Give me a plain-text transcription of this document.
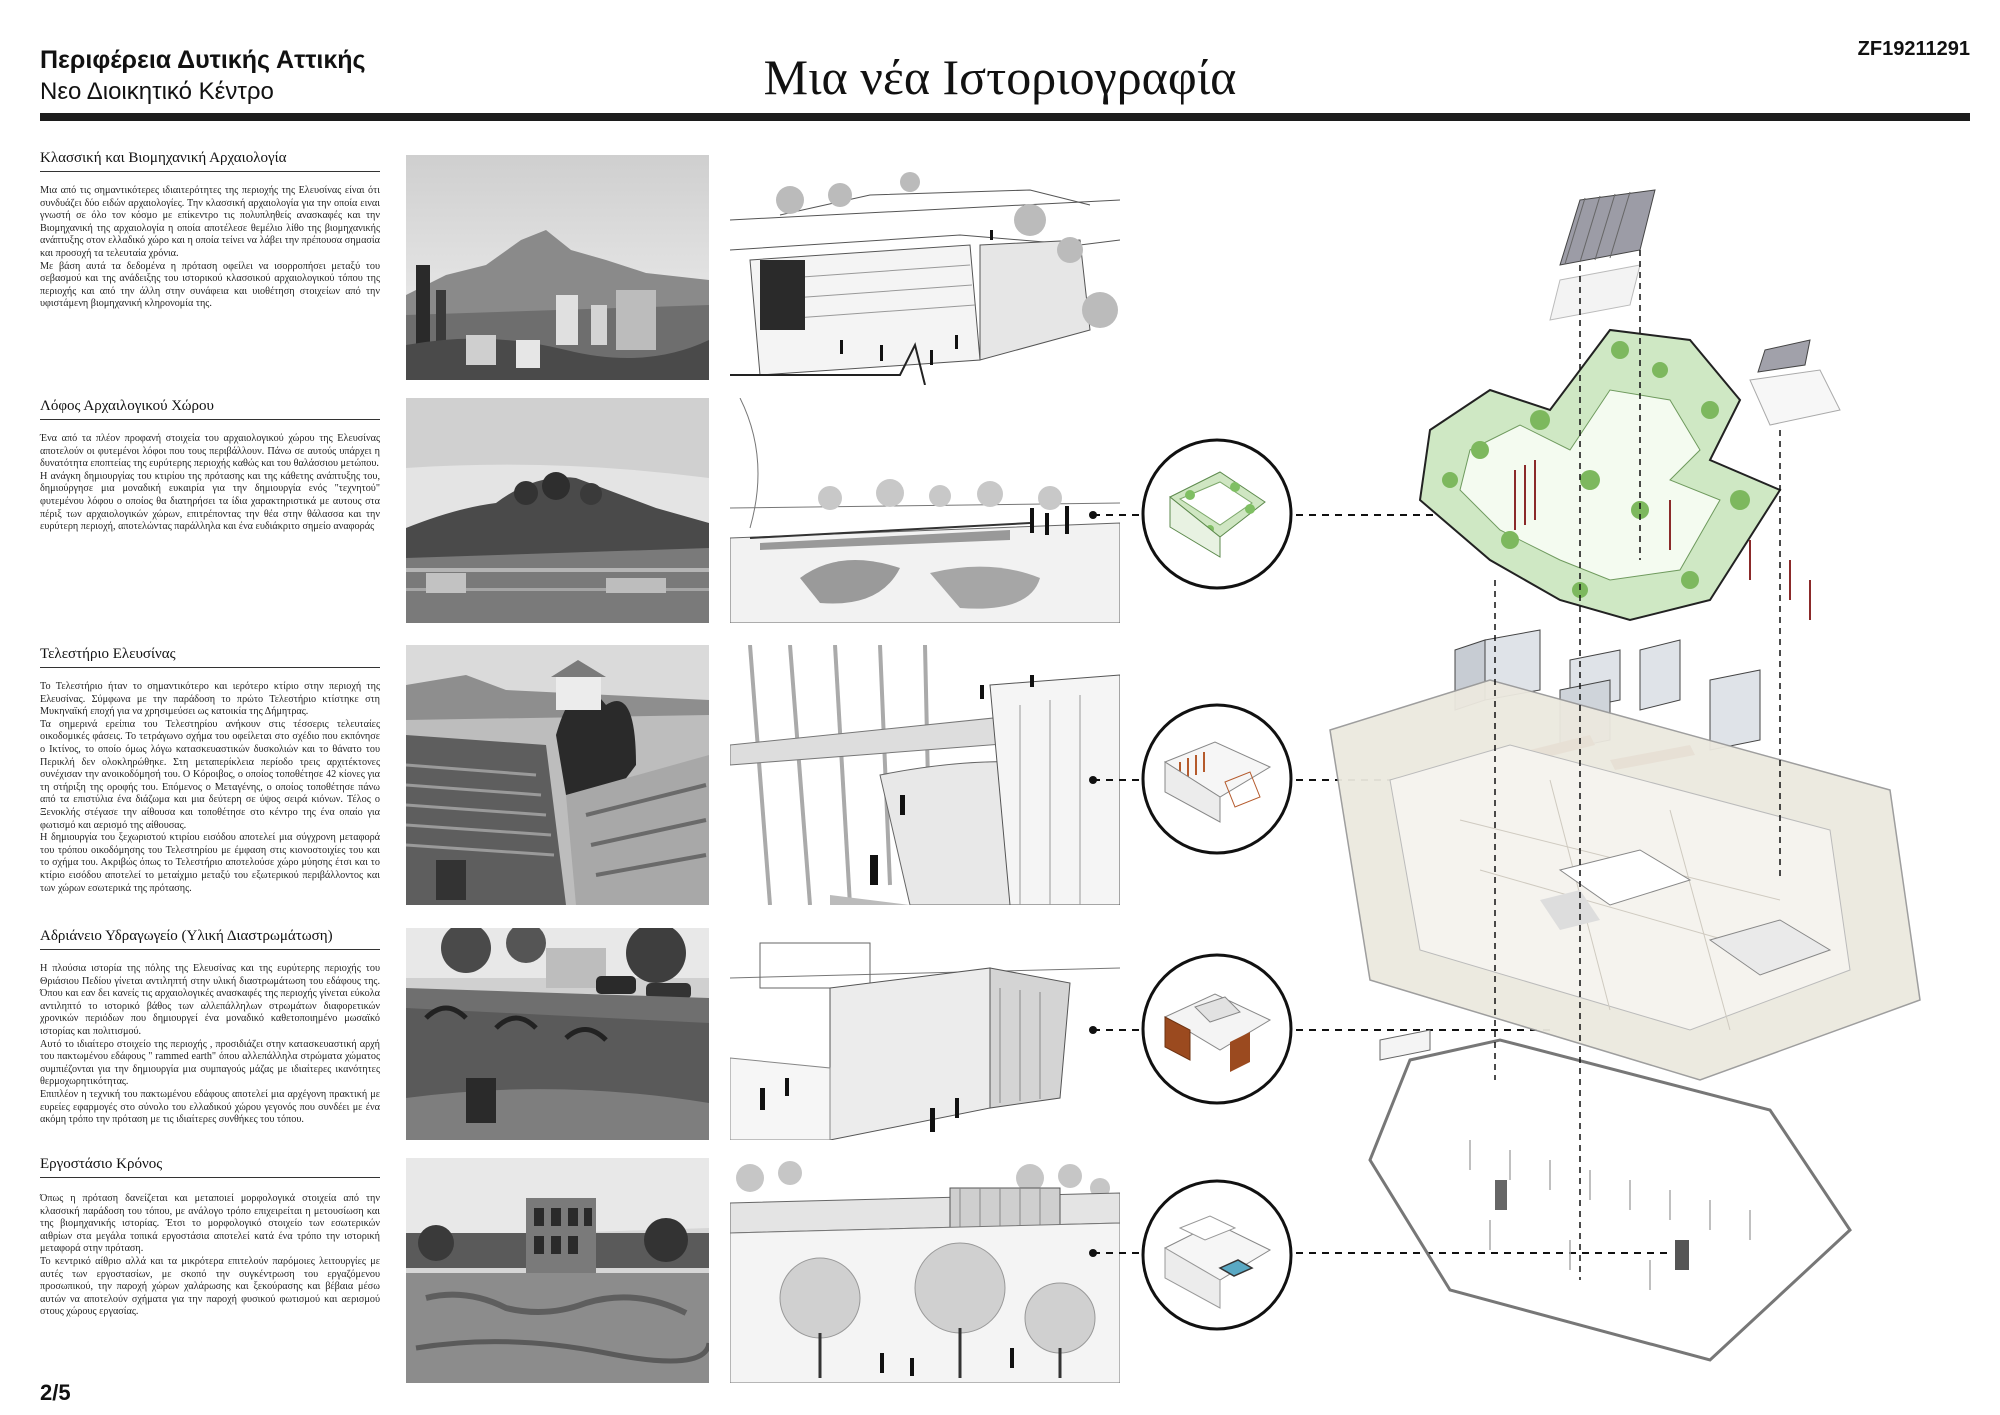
Περιφέρεια Δυτικής Αττικής
Νεο Διοικητικό Κέντρο	Μια νέα Ιστοριογραφία	ZF19211291
Κλασσική και Βιομηχανική Αρχαιολογία

Μια από τις σημαντικότερες ιδιαιτερότητες της περιοχής της Ελευσίνας είναι ότι συνδυάζει δύο ειδών αρχαιολογίες. Την κλασσική αρχαιολογία για την οποία ειναι γνωστή σε όλο τον κόσμο με επίκεντρο τις πολυπληθείς ανασκαφές και την Βιομηχανική της αρχαιολογία η οποία αποτέλεσε θεμέλιο λίθο της βιομηχανικής ανάπτυξης στον ελλαδικό χώρο και η οποία τείνει να λάβει την πρέπουσα σημασία και προσοχή τα τελευταία χρόνια.

Με βάση αυτά τα δεδομένα η πρόταση οφείλει να ισορροπήσει μεταξύ του σεβασμού και της ανάδειξης του ιστορικού κλασσικού αρχαιολογικού τόπου της περιοχής και από την άλλη στην συνάφεια και υιοθέτηση στοιχείων από την υφιστάμενη βιομηχανική κληρονομία της.

Λόφος Αρχαιλογικού Χώρου

Ένα από τα πλέον προφανή στοιχεία του αρχαιολογικού χώρου της Ελευσίνας αποτελούν οι φυτεμένοι λόφοι που τους περιβάλλουν. Πάνω σε αυτούς υπάρχει η δυνατότητα εποπτείας της ευρύτερης περιοχής καθώς και του θαλάσσιου μετώπου.

Η ανάγκη δημιουργίας του κτιρίου της πρότασης και της κάθετης ανάπτυξης του, δημιούργησε μια μοναδική ευκαιρία για την δημιουργία ενός "τεχνητού" φυτεμένου λόφου ο οποίος θα διατηρήσει τα ίδια χαρακτηριστικά με αυτους στα πέριξ των αρχαιολογικών χώρων, επιτρέποντας την θέα στην θάλασσα και την ευρύτερη περιοχή, αποτελώντας παράλληλα και ένα ευδιάκριτο σημείο αναφοράς

Τελεστήριο Ελευσίνας

Το Τελεστήριο ήταν το σημαντικότερο και ιερότερο κτίριο στην περιοχή της Ελευσίνας. Σύμφωνα με την παράδοση το πρώτο Τελεστήριο κτίστηκε στη Μυκηναϊκή εποχή για να χρησιμεύσει ως κατοικία της Δήμητρας.

Τα σημερινά ερείπια του Τελεστηρίου ανήκουν στις τέσσερις τελευταίες οικοδομικές φάσεις. Το τετράγωνο σχήμα του οφείλεται στο σχέδιο που εκπόνησε ο Ικτίνος, το οποίο όμως λόγω κατασκευαστικών δυσκολιών και το θάνατο του Περικλή δεν ολοκληρώθηκε. Στη μεταπερίκλεια περίοδο τρεις αρχιτέκτονες συνέχισαν την ανοικοδόμησή του. Ο Κόροιβος, ο οποίος τοποθέτησε 42 κίονες για τη στήριξη της οροφής του. Επόμενος ο Μεταγένης, ο οποίος τοποθέτησε πάνω από τα επιστύλια ένα διάζωμα και μια δεύτερη σε ύψος σειρά κιόνων. Τέλος ο Ξενοκλής στέγασε την αίθουσα και τοποθέτησε στο κέντρο της ένα οπαίο για φωτισμό και αερισμό της αίθουσας.

Η δημιουργία του ξεχωριστού κτιρίου εισόδου αποτελεί μια σύγχρονη μεταφορά του τρόπου οικοδόμησης του Τελεστηρίου με έμφαση στις κιονοστοιχίες του και το σχήμα του. Ακριβώς όπως το Τελεστήριο αποτελούσε χώρο μύησης έτσι και το κτίριο εισόδου αποτελεί το μεταίχμιο μεταξύ του εξωτερικού περιβάλλοντος και των χώρων εσωτερικά της πρότασης.

Αδριάνειο Υδραγωγείο (Υλική Διαστρωμάτωση)

Η πλούσια ιστορία της πόλης της Ελευσίνας και της ευρύτερης περιοχής του Θριάσιου Πεδίου γίνεται αντιληπτή στην υλική διαστρωμάτωση του εδάφους της. Όπου και εαν δει κανείς τις αρχαιολογικές ανασκαφές της περιοχής γίνεται εύκολα αντιληπτό το ιστορικό βάθος των αλλεπάλληλων στρωμάτων διαφορετικών χρονικών περιόδων που δημιουργεί ένα μοναδικό καθετοποιημένο μωσαϊκό ιστορίας και πολιτισμού.

Αυτό το ιδιαίτερο στοιχείο της περιοχής , προσιδιάζει στην κατασκευαστική αρχή του πακτωμένου εδάφους " rammed earth" όπου αλλεπάλληλα στρώματα χώματος συμπιέζονται για την δημιουργία μια συμπαγούς μάζας με ιδιαίτερες ικανότητες θερμοχωρητικότητας.

Επιπλέον η τεχνική του πακτωμένου εδάφους αποτελεί μια αρχέγονη πρακτική με ευρείες εφαρμογές στο σύνολο του ελλαδικού χώρου γεγονός που συνδέει με ένα ακόμη τρόπο την πρόταση με τις ιδιαίτερες συνθήκες του τόπου.

Εργοστάσιο Κρόνος

Όπως η πρόταση δανείζεται και μεταποιεί μορφολογικά στοιχεία από την κλασσική παράδοση του τόπου, με ανάλογο τρόπο επιχειρείται η μετουσίωση και της βιομηχανικής ιστορίας. Έτσι το μορφολογικό στοιχείο των εσωτερικών αιθρίων στα μεγάλα τοπικά εργοστάσια αποτελεί κατά ένα τρόπο την ιστορική μεταφορά στην πρόταση.

Το κεντρικό αίθριο αλλά και τα μικρότερα επιτελούν παρόμοιες λειτουργίες με αυτές των εργοστασίων, με σκοπό την συγκέντρωση του εργαζόμενου προσωπικού, την παροχή χώρων χαλάρωσης και ξεκούρασης και βέβαια μέσω αυτών να αποτελούν σχήματα για την παροχή φυσικού φωτισμού και αερισμού στους χώρους εργασίας.

2/5
